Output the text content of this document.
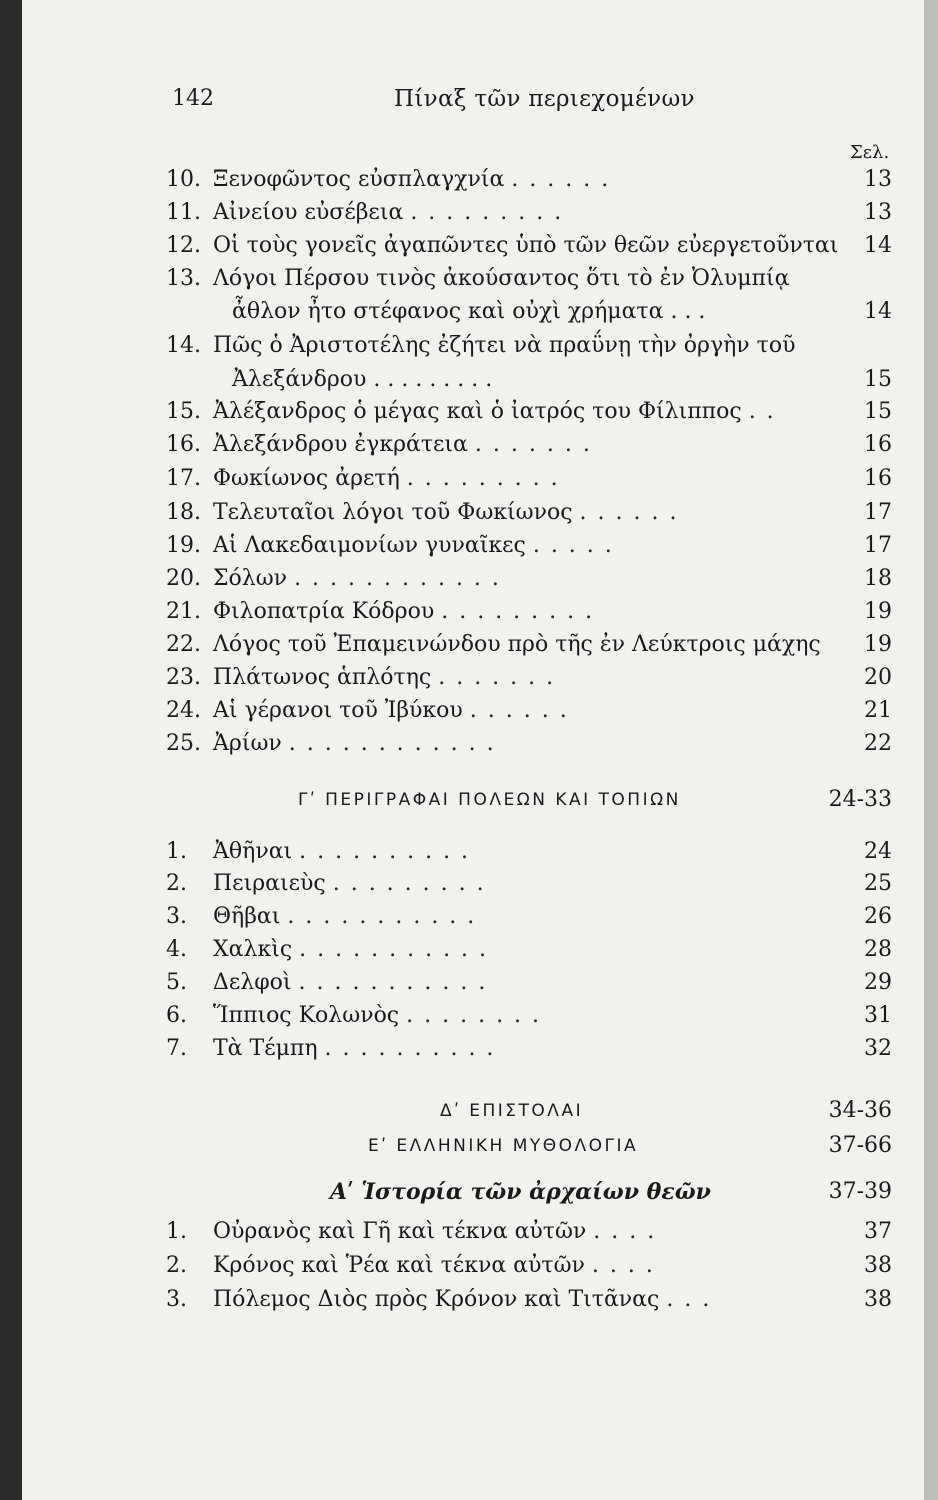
142	Πίναξ τῶν περιεχομένων
Σελ.
10. Ξενοφῶντος εὐσπλαγχνία . . . . . .	13
11. Αἰνείου εὐσέβεια . . . . . . . . .	13
12. Οἱ τοὺς γονεῖς ἀγαπῶντες ὑπὸ τῶν θεῶν εὐεργετοῦνται 14
13. Λόγοι Πέρσου τινὸς ἀκούσαντος ὅτι τὸ ἐν Ὀλυμπίᾳ
ἆθλον ἦτο στέφανος καὶ οὐχὶ χρήματα . . .	14
14. Πῶς ὁ Ἀριστοτέλης ἐζήτει νὰ πραΰνῃ τὴν ὀργὴν τοῦ
Ἀλεξάνδρου . . . . . . . . .	15
15. Ἀλέξανδρος ὁ μέγας καὶ ὁ ἰατρός του Φίλιππος . .	15
16. Ἀλεξάνδρου ἐγκράτεια . . . . . . .	16
17. Φωκίωνος ἀρετή . . . . . . . . .	16
18. Τελευταῖοι λόγοι τοῦ Φωκίωνος . . . . . .	17
19. Αἱ Λακεδαιμονίων γυναῖκες . . . . .	17
20. Σόλων . . . . . . . . . . . .	18
21. Φιλοπατρία Κόδρου . . . . . . . . .	19
22. Λόγος τοῦ Ἐπαμεινώνδου πρὸ τῆς ἐν Λεύκτροις μάχης 19
23. Πλάτωνος ἁπλότης . . . . . . .	20
24. Αἱ γέρανοι τοῦ Ἰβύκου . . . . . .	21
25. Ἀρίων . . . . . . . . . . . .	22
Γʹ ΠΕΡΙΓΡΑΦΑΙ ΠΟΛΕΩΝ ΚΑΙ ΤΟΠΙΩΝ	24-33
1. Ἀθῆναι . . . . . . . . . .	24
2. Πειραιεὺς . . . . . . . . .	25
3. Θῆβαι . . . . . . . . . . .	26
4. Χαλκὶς . . . . . . . . . . .	28
5. Δελφοὶ . . . . . . . . . . .	29
6. Ἵππιος Κολωνὸς . . . . . . . .	31
7. Τὰ Τέμπη . . . . . . . . . .	32
Δʹ ΕΠΙΣΤΟΛΑΙ	34-36
Εʹ ΕΛΛΗΝΙΚΗ ΜΥΘΟΛΟΓΙΑ	37-66
Αʹ Ἱστορία τῶν ἀρχαίων θεῶν	37-39
1. Οὐρανὸς καὶ Γῆ καὶ τέκνα αὐτῶν . . . .	37
2. Κρόνος καὶ Ῥέα καὶ τέκνα αὐτῶν . . . .	38
3. Πόλεμος Διὸς πρὸς Κρόνον καὶ Τιτᾶνας . . .	38
